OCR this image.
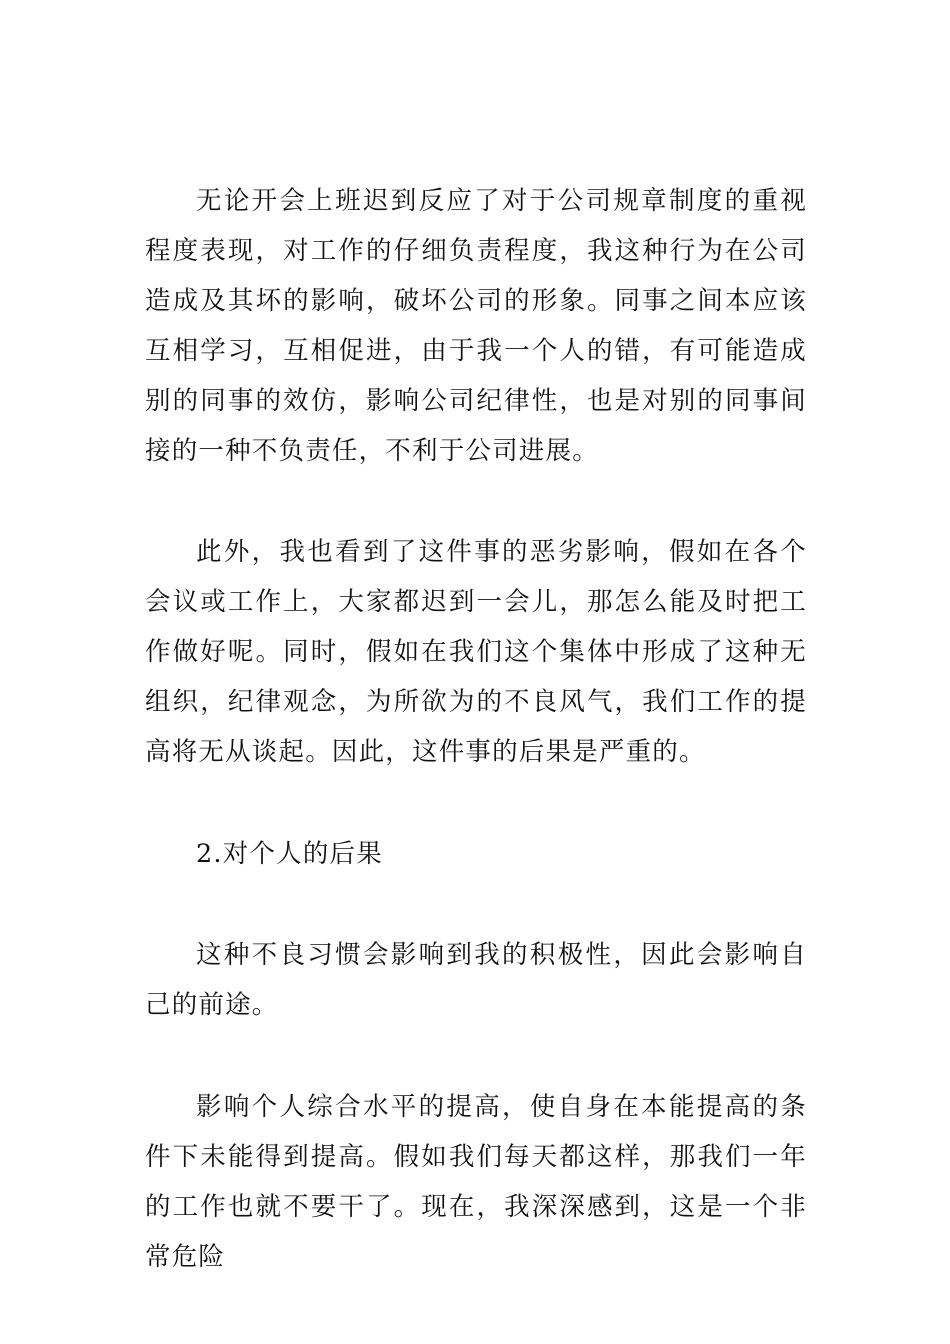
无论开会上班迟到反应了对于公司规章制度的重视程度表现，对工作的仔细负责程度，我这种行为在公司造成及其坏的影响，破坏公司的形象。同事之间本应该互相学习，互相促进，由于我一个人的错，有可能造成别的同事的效仿，影响公司纪律性，也是对别的同事间接的一种不负责任，不利于公司进展。

此外，我也看到了这件事的恶劣影响，假如在各个会议或工作上，大家都迟到一会儿，那怎么能及时把工作做好呢。同时，假如在我们这个集体中形成了这种无组织，纪律观念，为所欲为的不良风气，我们工作的提高将无从谈起。因此，这件事的后果是严重的。

2.对个人的后果

这种不良习惯会影响到我的积极性，因此会影响自己的前途。

影响个人综合水平的提高，使自身在本能提高的条件下未能得到提高。假如我们每天都这样，那我们一年的工作也就不要干了。现在，我深深感到，这是一个非常危险
